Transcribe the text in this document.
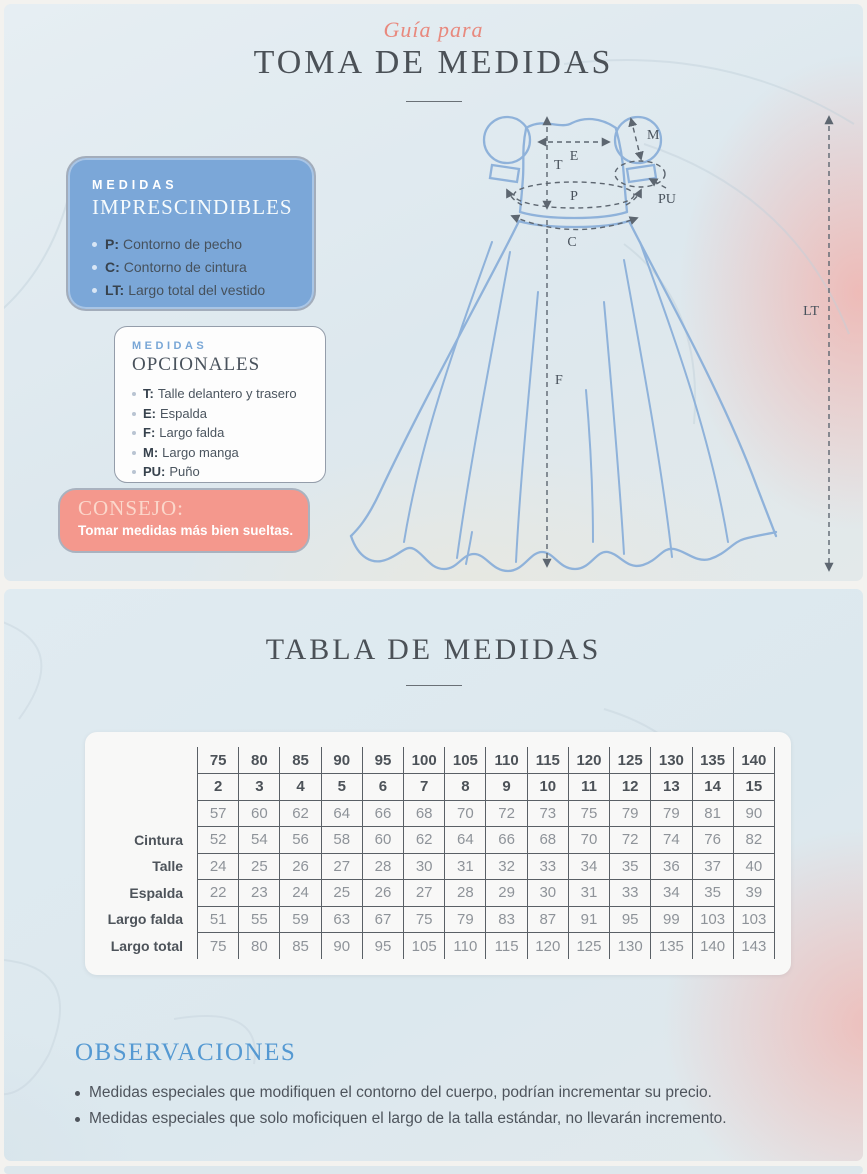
Guía para
TOMA DE MEDIDAS
MEDIDAS
IMPRESCINDIBLES
P: Contorno de pecho
C: Contorno de cintura
LT: Largo total del vestido
MEDIDAS
OPCIONALES
T: Talle delantero y trasero
E: Espalda
F: Largo falda
M: Largo manga
PU: Puño
CONSEJO:
Tomar medidas más bien sueltas.
E
T
P
C
M
PU
F
LT
TABLA DE MEDIDAS
	75	80	85	90	95	100	105	110	115	120	125	130	135	140
	2	3	4	5	6	7	8	9	10	11	12	13	14	15
	57	60	62	64	66	68	70	72	73	75	79	79	81	90
Cintura	52	54	56	58	60	62	64	66	68	70	72	74	76	82
Talle	24	25	26	27	28	30	31	32	33	34	35	36	37	40
Espalda	22	23	24	25	26	27	28	29	30	31	33	34	35	39
Largo falda	51	55	59	63	67	75	79	83	87	91	95	99	103	103
Largo total	75	80	85	90	95	105	110	115	120	125	130	135	140	143
OBSERVACIONES
Medidas especiales que modifiquen el contorno del cuerpo, podrían incrementar su precio.
Medidas especiales que solo moficiquen el largo de la talla estándar, no llevarán incremento.
